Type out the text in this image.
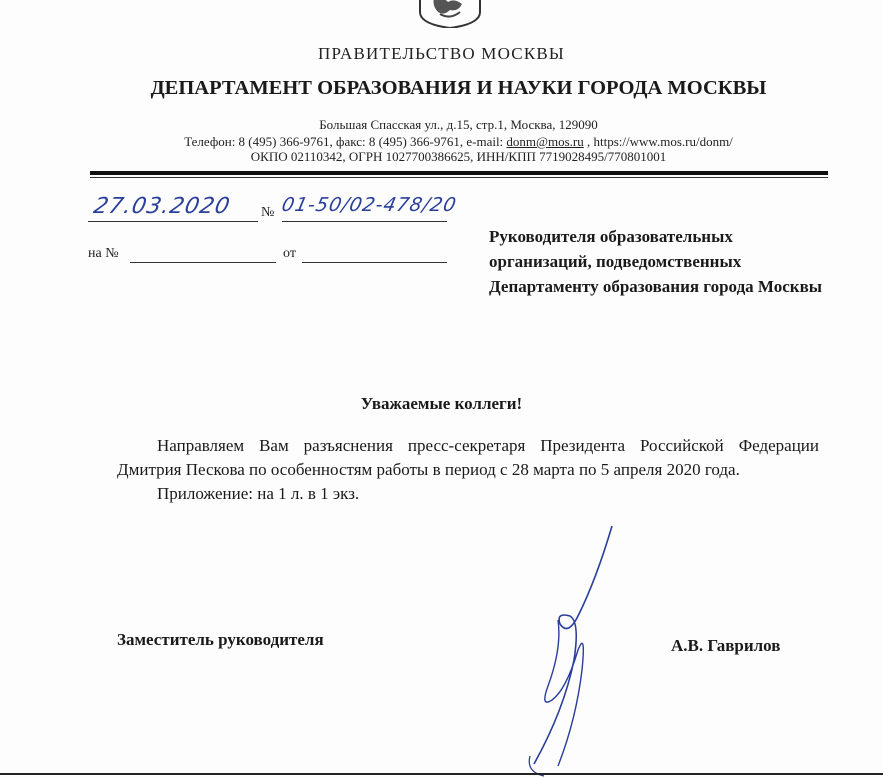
ПРАВИТЕЛЬСТВО МОСКВЫ
ДЕПАРТАМЕНТ ОБРАЗОВАНИЯ И НАУКИ ГОРОДА МОСКВЫ
Большая Спасская ул., д.15, стр.1, Москва, 129090
Телефон: 8 (495) 366-9761, факс: 8 (495) 366-9761, e-mail: donm@mos.ru , https://www.mos.ru/donm/
ОКПО 02110342, ОГРН 1027700386625, ИНН/КПП 7719028495/770801001
27.03.2020 № 01-50/02-478/20
на №	от
Руководителя образовательных организаций, подведомственных Департаменту образования города Москвы
Уважаемые коллеги!

Направляем Вам разъяснения пресс-секретаря Президента Российской Федерации Дмитрия Пескова по особенностям работы в период с 28 марта по 5 апреля 2020 года.

Приложение: на 1 л. в 1 экз.

Заместитель руководителя	А.В. Гаврилов
